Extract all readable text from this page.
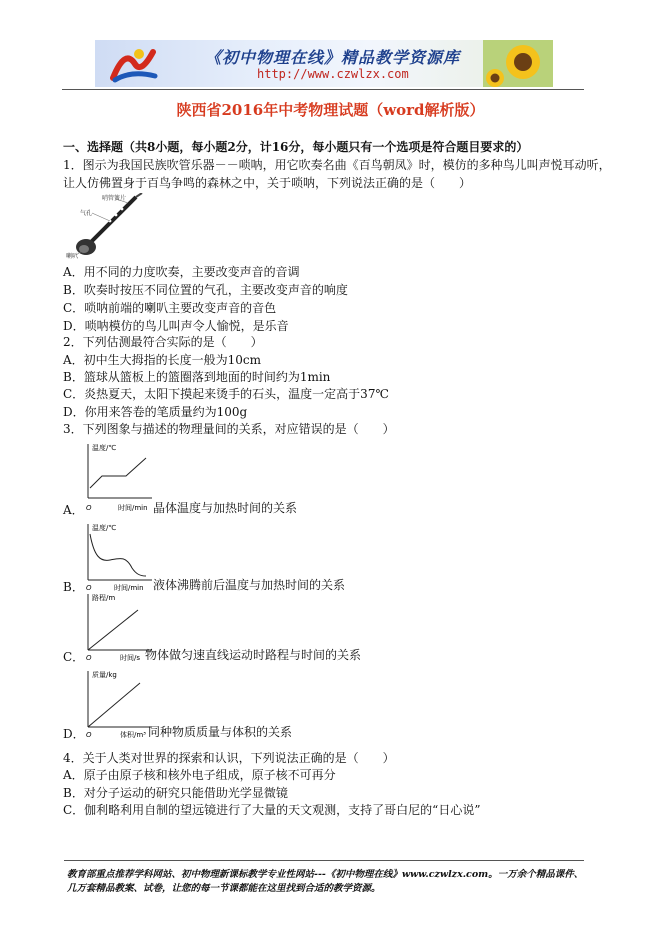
《初中物理在线》精品教学资源库
http://www.czwlzx.com
陕西省2016年中考物理试题（word解析版）
一、选择题（共8小题，每小题2分，计16分，每小题只有一个选项是符合题目要求的）
1．图示为我国民族吹管乐器－－唢呐，用它吹奏名曲《百鸟朝凤》时，模仿的多种鸟儿叫声悦耳动听，
让人仿佛置身于百鸟争鸣的森林之中，关于唢呐，下列说法正确的是（　　）
哨管簧片
气孔
喇叭
A．用不同的力度吹奏，主要改变声音的音调
B．吹奏时按压不同位置的气孔，主要改变声音的响度
C．唢呐前端的喇叭主要改变声音的音色
D．唢呐模仿的鸟儿叫声令人愉悦，是乐音
2．下列估测最符合实际的是（　　）
A．初中生大拇指的长度一般为10cm
B．篮球从篮板上的篮圈落到地面的时间约为1min
C．炎热夏天，太阳下摸起来烫手的石头，温度一定高于37℃
D．你用来答卷的笔质量约为100g
3．下列图象与描述的物理量间的关系，对应错误的是（　　）
温度/℃
O	时间/min
A．	晶体温度与加热时间的关系
温度/℃
O	时间/min
B．	液体沸腾前后温度与加热时间的关系
路程/m
O	时间/s
C．	物体做匀速直线运动时路程与时间的关系
质量/kg
O	体积/m³
D．	同种物质质量与体积的关系
4．关于人类对世界的探索和认识，下列说法正确的是（　　）
A．原子由原子核和核外电子组成，原子核不可再分
B．对分子运动的研究只能借助光学显微镜
C．伽利略利用自制的望远镜进行了大量的天文观测，支持了哥白尼的“日心说”
教育部重点推荐学科网站、初中物理新课标教学专业性网站---《初中物理在线》www.czwlzx.com。一万余个精品课件、
几万套精品教案、试卷，让您的每一节课都能在这里找到合适的教学资源。
